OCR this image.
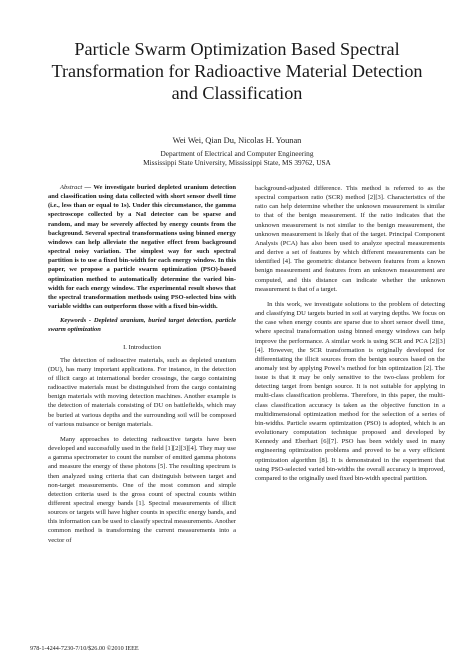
Particle Swarm Optimization Based Spectral
Transformation for Radioactive Material Detection
and Classification
Wei Wei, Qian Du, Nicolas H. Younan
Department of Electrical and Computer Engineering
Mississippi State University, Mississippi State, MS 39762, USA

Abstract — We investigate buried depleted uranium detection and classification using data collected with short sensor dwell time (i.e., less than or equal to 1s). Under this circumstance, the gamma spectroscope collected by a NaI detector can be sparse and random, and may be severely affected by energy counts from the background. Several spectral transformations using binned energy windows can help alleviate the negative effect from background spectral noisy variation. The simplest way for such spectral partition is to use a fixed bin-width for each energy window. In this paper, we propose a particle swarm optimization (PSO)-based optimization method to automatically determine the varied bin-width for each energy window. The experimental result shows that the spectral transformation methods using PSO-selected bins with variable widths can outperform those with a fixed bin-width.

Keywords - Depleted uranium, buried target detection, particle swarm optimization

I. Introduction

The detection of radioactive materials, such as depleted uranium (DU), has many important applications. For instance, in the detection of illicit cargo at international border crossings, the cargo containing radioactive materials must be distinguished from the cargo containing benign materials with moving detection machines. Another example is the detection of materials consisting of DU on battlefields, which may be buried at various depths and the surrounding soil will be composed of various nuisance or benign materials.

Many approaches to detecting radioactive targets have been developed and successfully used in the field [1][2][3][4]. They may use a gamma spectrometer to count the number of emitted gamma photons and measure the energy of these photons [5]. The resulting spectrum is then analyzed using criteria that can distinguish between target and non-target measurements. One of the most common and simple detection criteria used is the gross count of spectral counts within different spectral energy bands [1]. Spectral measurements of illicit sources or targets will have higher counts in specific energy bands, and this information can be used to classify spectral measurements. Another common method is transforming the current measurements into a vector of

background-adjusted difference. This method is referred to as the spectral comparison ratio (SCR) method [2][3]. Characteristics of the ratio can help determine whether the unknown measurement is similar to that of the benign measurement. If the ratio indicates that the unknown measurement is not similar to the benign measurement, the unknown measurement is likely that of the target. Principal Component Analysis (PCA) has also been used to analyze spectral measurements and derive a set of features by which different measurements can be identified [4]. The geometric distance between features from a known benign measurement and features from an unknown measurement are computed, and this distance can indicate whether the unknown measurement is that of a target.

In this work, we investigate solutions to the problem of detecting and classifying DU targets buried in soil at varying depths. We focus on the case when energy counts are sparse due to short sensor dwell time, where spectral transformation using binned energy windows can help improve the performance. A similar work is using SCR and PCA [2][3][4]. However, the SCR transformation is originally developed for differentiating the illicit sources from the benign sources based on the anomaly test by applying Powel’s method for bin optimization [2]. The issue is that it may be only sensitive to the two-class problem for detecting target from benign source. It is not suitable for applying in multi-class classification problems. Therefore, in this paper, the multi-class classification accuracy is taken as the objective function in a multidimensional optimization method for the selection of a series of bin-widths. Particle swarm optimization (PSO) is adopted, which is an evolutionary computation technique proposed and developed by Kennedy and Eberhart [6][7]. PSO has been widely used in many engineering optimization problems and proved to be a very efficient optimization algorithm [8]. It is demonstrated in the experiment that using PSO-selected varied bin-widths the overall accuracy is improved, compared to the originally used fixed bin-width spectral partition.

978-1-4244-7230-7/10/$26.00 ©2010 IEEE
